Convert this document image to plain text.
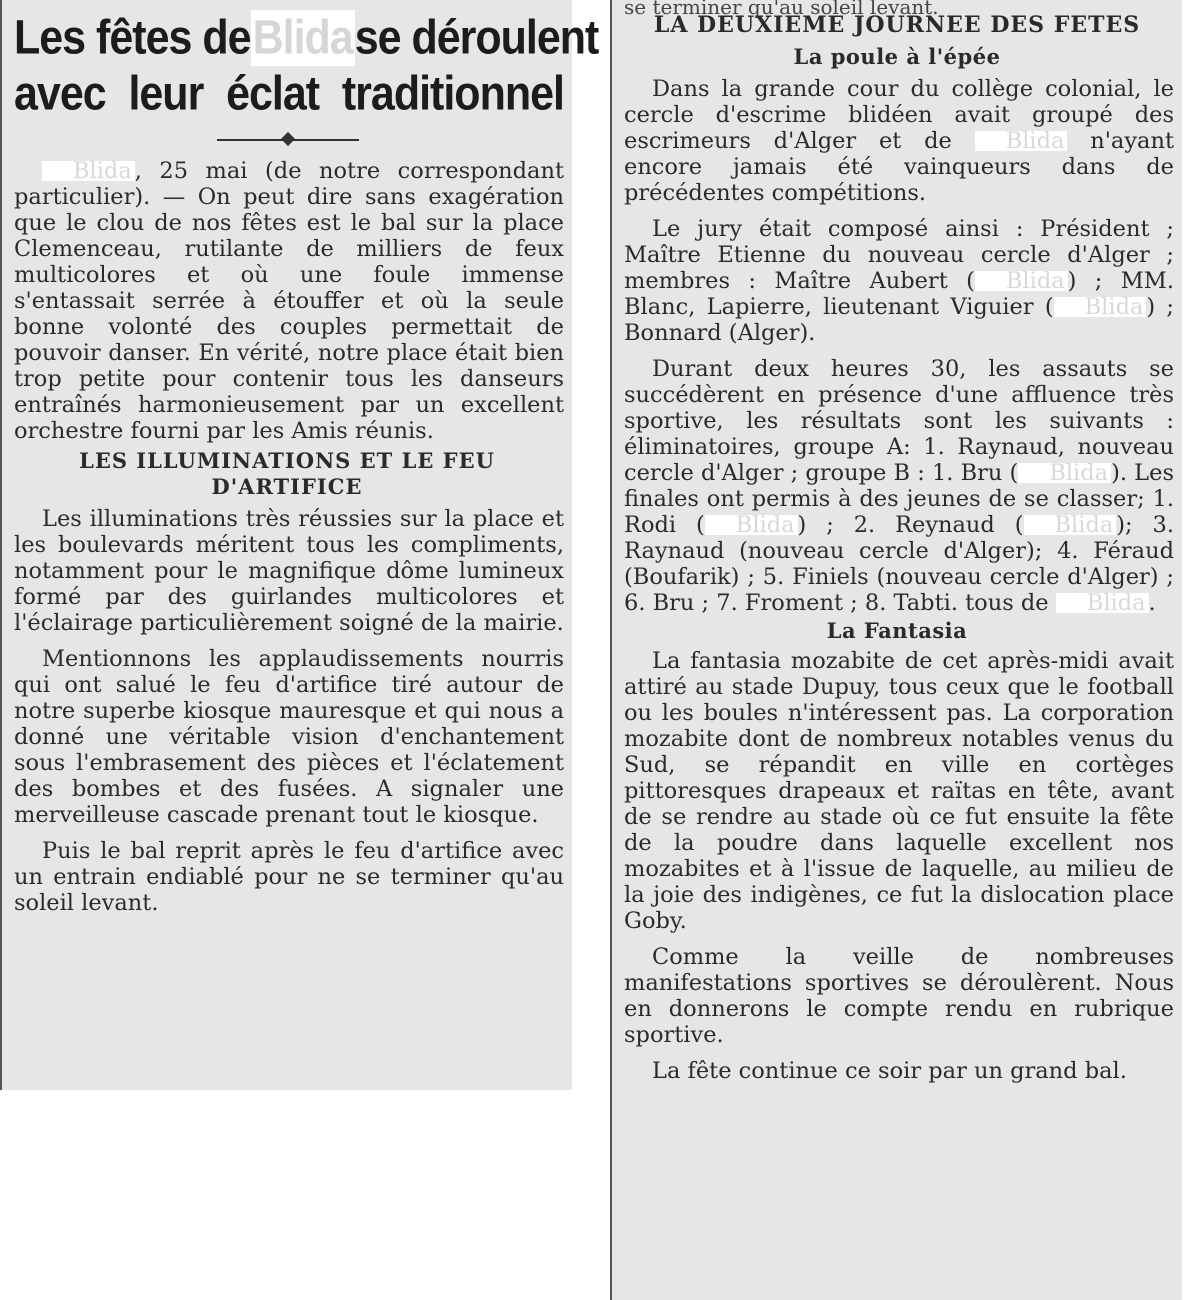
Les fêtes de Blida se déroulent
avec leur éclat traditionnel

Blida , 25 mai (de notre correspondant particulier). — On peut dire sans exagération que le clou de nos fêtes est le bal sur la place Clemenceau, rutilante de milliers de feux multicolores et où une foule immense s'entassait serrée à étouffer et où la seule bonne volonté des couples permettait de pouvoir danser. En vérité, notre place était bien trop petite pour contenir tous les danseurs entraînés harmonieusement par un excellent orchestre fourni par les Amis réunis.

LES ILLUMINATIONS ET LE FEU D'ARTIFICE

Les illuminations très réussies sur la place et les boulevards méritent tous les compliments, notamment pour le magnifique dôme lumineux formé par des guirlandes multicolores et l'éclairage particulièrement soigné de la mairie.

Mentionnons les applaudissements nourris qui ont salué le feu d'artifice tiré autour de notre superbe kiosque mauresque et qui nous a donné une véritable vision d'enchantement sous l'embrasement des pièces et l'éclatement des bombes et des fusées. A signaler une merveilleuse cascade prenant tout le kiosque.

Puis le bal reprit après le feu d'artifice avec un entrain endiablé pour ne se terminer qu'au soleil levant.

se terminer qu'au soleil levant.
LA DEUXIEME JOURNEE DES FETES
La poule à l'épée

Dans la grande cour du collège colonial, le cercle d'escrime blidéen avait groupé des escrimeurs d'Alger et de Blida n'ayant encore jamais été vainqueurs dans de précédentes compétitions.

Le jury était composé ainsi : Président ; Maître Etienne du nouveau cercle d'Alger ; membres : Maître Aubert ( Blida ) ; MM. Blanc, Lapierre, lieutenant Viguier ( Blida ) ; Bonnard (Alger).

Durant deux heures 30, les assauts se succédèrent en présence d'une affluence très sportive, les résultats sont les suivants : éliminatoires, groupe A: 1. Raynaud, nouveau cercle d'Alger ; groupe B : 1. Bru ( Blida ). Les finales ont permis à des jeunes de se classer; 1. Rodi ( Blida ) ; 2. Reynaud ( Blida ); 3. Raynaud (nouveau cercle d'Alger); 4. Féraud (Boufarik) ; 5. Finiels (nouveau cercle d'Alger) ; 6. Bru ; 7. Froment ; 8. Tabti. tous de Blida .

La Fantasia

La fantasia mozabite de cet après-midi avait attiré au stade Dupuy, tous ceux que le football ou les boules n'intéressent pas. La corporation mozabite dont de nombreux notables venus du Sud, se répandit en ville en cortèges pittoresques drapeaux et raïtas en tête, avant de se rendre au stade où ce fut ensuite la fête de la poudre dans laquelle excellent nos mozabites et à l'issue de laquelle, au milieu de la joie des indigènes, ce fut la dislocation place Goby.

Comme la veille de nombreuses manifestations sportives se déroulèrent. Nous en donnerons le compte rendu en rubrique sportive.

La fête continue ce soir par un grand bal.
